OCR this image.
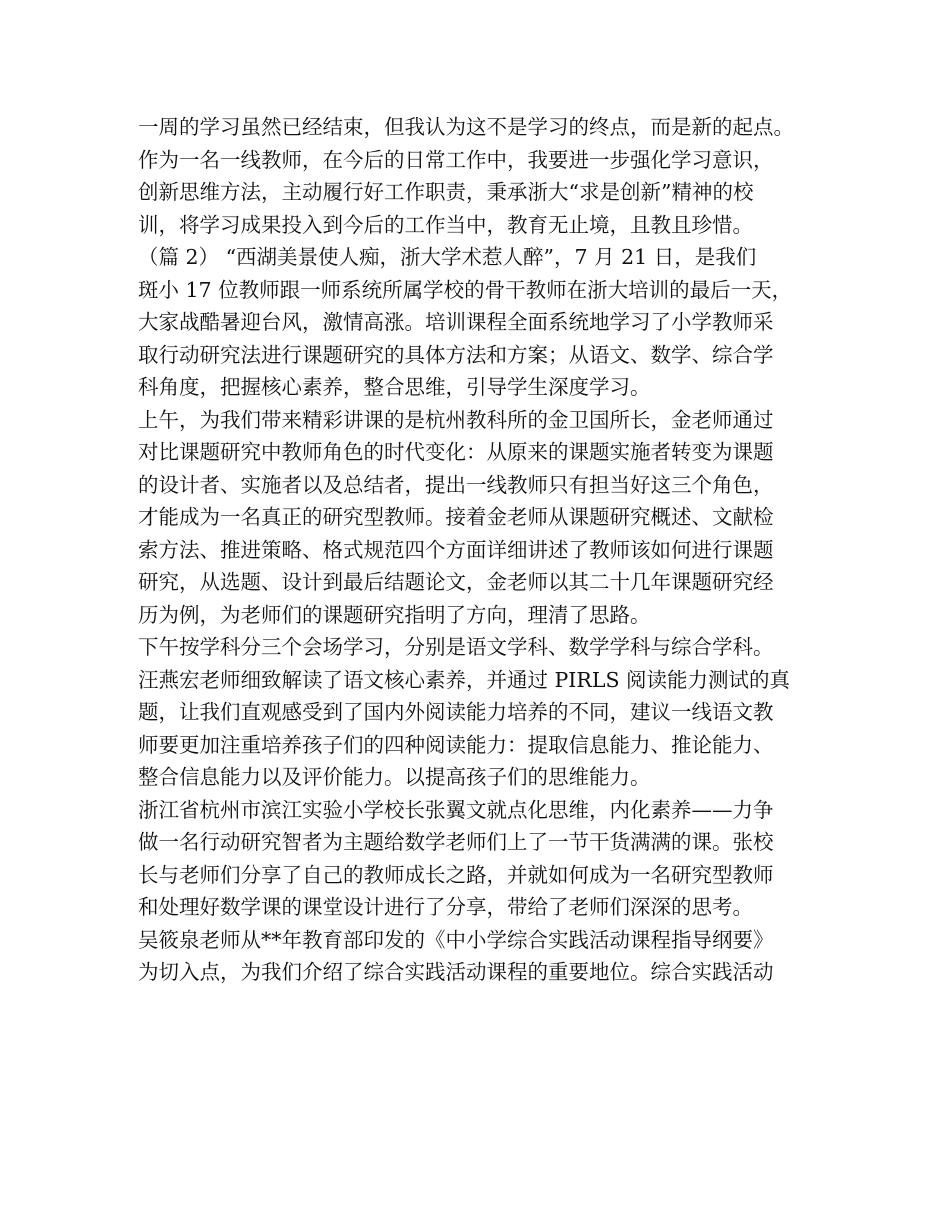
一周的学习虽然已经结束，但我认为这不是学习的终点，而是新的起点。
作为一名一线教师，在今后的日常工作中，我要进一步强化学习意识，
创新思维方法，主动履行好工作职责，秉承浙大“求是创新”精神的校
训，将学习成果投入到今后的工作当中，教育无止境，且教且珍惜。
（篇 2） “西湖美景使人痴，浙大学术惹人醉”，7 月 21 日，是我们
斑小 17 位教师跟一师系统所属学校的骨干教师在浙大培训的最后一天，
大家战酷暑迎台风，激情高涨。培训课程全面系统地学习了小学教师采
取行动研究法进行课题研究的具体方法和方案；从语文、数学、综合学
科角度，把握核心素养，整合思维，引导学生深度学习。
上午，为我们带来精彩讲课的是杭州教科所的金卫国所长，金老师通过
对比课题研究中教师角色的时代变化：从原来的课题实施者转变为课题
的设计者、实施者以及总结者，提出一线教师只有担当好这三个角色，
才能成为一名真正的研究型教师。接着金老师从课题研究概述、文献检
索方法、推进策略、格式规范四个方面详细讲述了教师该如何进行课题
研究，从选题、设计到最后结题论文，金老师以其二十几年课题研究经
历为例，为老师们的课题研究指明了方向，理清了思路。
下午按学科分三个会场学习，分别是语文学科、数学学科与综合学科。
汪燕宏老师细致解读了语文核心素养，并通过 PIRLS 阅读能力测试的真
题，让我们直观感受到了国内外阅读能力培养的不同，建议一线语文教
师要更加注重培养孩子们的四种阅读能力：提取信息能力、推论能力、
整合信息能力以及评价能力。以提高孩子们的思维能力。
浙江省杭州市滨江实验小学校长张翼文就点化思维，内化素养——力争
做一名行动研究智者为主题给数学老师们上了一节干货满满的课。张校
长与老师们分享了自己的教师成长之路，并就如何成为一名研究型教师
和处理好数学课的课堂设计进行了分享，带给了老师们深深的思考。
吴筱泉老师从**年教育部印发的《中小学综合实践活动课程指导纲要》
为切入点，为我们介绍了综合实践活动课程的重要地位。综合实践活动
